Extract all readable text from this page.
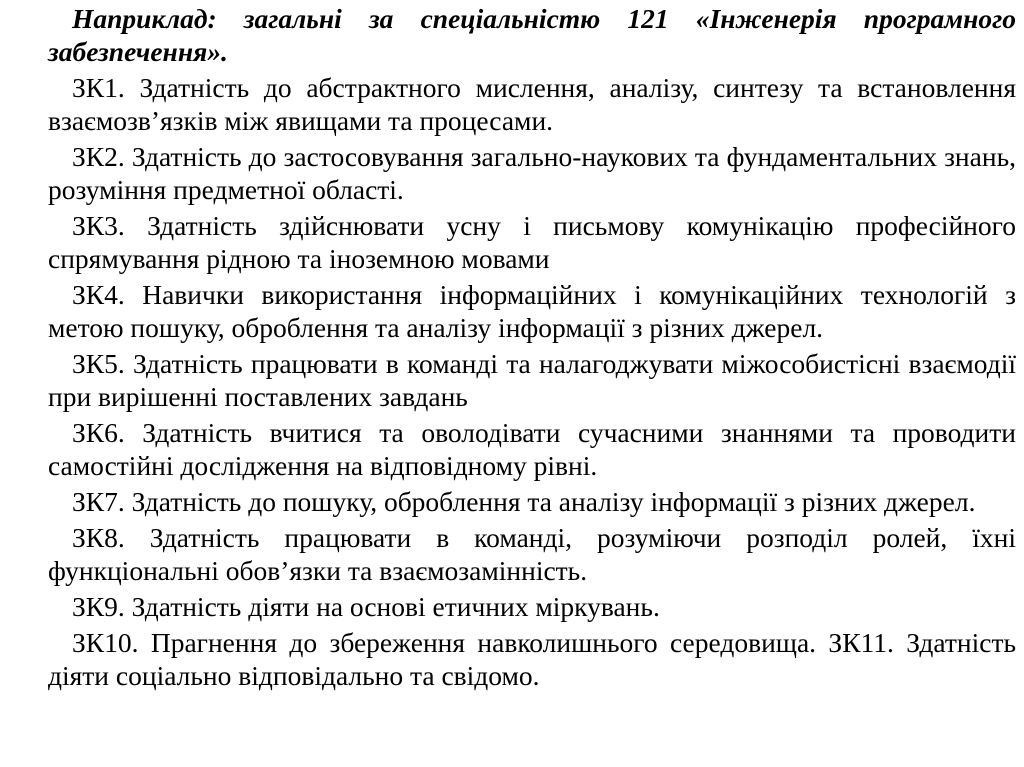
Наприклад: загальні за спеціальністю 121 «Інженерія програмного забезпечення».

ЗК1. Здатність до абстрактного мислення, аналізу, синтезу та встановлення взаємозв’язків між явищами та процесами.

ЗК2. Здатність до застосовування загально-наукових та фундаментальних знань, розуміння предметної області.

ЗК3. Здатність здійснювати усну і письмову комунікацію професійного спрямування рідною та іноземною мовами

ЗК4. Навички використання інформаційних і комунікаційних технологій з метою пошуку, оброблення та аналізу інформації з різних джерел.

ЗК5. Здатність працювати в команді та налагоджувати міжособистісні взаємодії при вирішенні поставлених завдань

ЗК6. Здатність вчитися та оволодівати сучасними знаннями та проводити самостійні дослідження на відповідному рівні.

ЗК7. Здатність до пошуку, оброблення та аналізу інформації з різних джерел.

ЗК8. Здатність працювати в команді, розуміючи розподіл ролей, їхні функціональні обов’язки та взаємозамінність.

ЗК9. Здатність діяти на основі етичних міркувань.

ЗК10. Прагнення до збереження навколишнього середовища. ЗК11. Здатність діяти соціально відповідально та свідомо.
